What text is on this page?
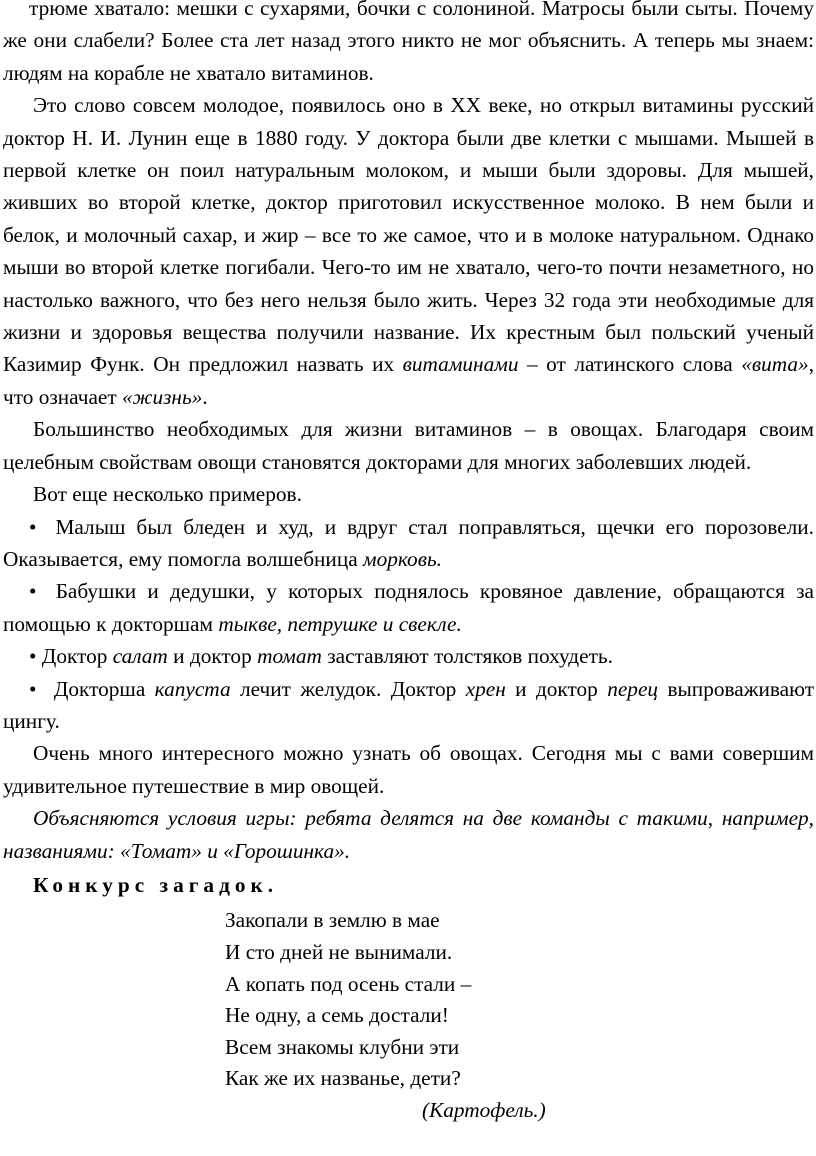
трюме хватало: мешки с сухарями, бочки с солониной. Матросы были сыты. Почему же они слабели? Более ста лет назад этого никто не мог объяснить. А теперь мы знаем: людям на корабле не хватало витаминов.

Это слово совсем молодое, появилось оно в XX веке, но открыл витамины русский доктор Н. И. Лунин еще в 1880 году. У доктора были две клетки с мышами. Мышей в первой клетке он поил натуральным молоком, и мыши были здоровы. Для мышей, живших во второй клетке, доктор приготовил искусственное молоко. В нем были и белок, и молочный сахар, и жир – все то же самое, что и в молоке натуральном. Однако мыши во второй клетке погибали. Чего-то им не хватало, чего-то почти незаметного, но настолько важного, что без него нельзя было жить. Через 32 года эти необходимые для жизни и здоровья вещества получили название. Их крестным был польский ученый Казимир Функ. Он предложил назвать их витаминами – от латинского слова «вита», что означает «жизнь».

Большинство необходимых для жизни витаминов – в овощах. Благодаря своим целебным свойствам овощи становятся докторами для многих заболевших людей.

Вот еще несколько примеров.

• Малыш был бледен и худ, и вдруг стал поправляться, щечки его порозовели. Оказывается, ему помогла волшебница морковь.

• Бабушки и дедушки, у которых поднялось кровяное давление, обращаются за помощью к докторшам тыкве, петрушке и свекле.

• Доктор салат и доктор томат заставляют толстяков похудеть.

• Докторша капуста лечит желудок. Доктор хрен и доктор перец выпроваживают цингу.

Очень много интересного можно узнать об овощах. Сегодня мы с вами совершим удивительное путешествие в мир овощей.

Объясняются условия игры: ребята делятся на две команды с такими, например, названиями: «Томат» и «Горошинка».

Конкурс загадок.

Закопали в землю в мае
И сто дней не вынимали.
А копать под осень стали –
Не одну, а семь достали!
Всем знакомы клубни эти
Как же их названье, дети?
(Картофель.)
